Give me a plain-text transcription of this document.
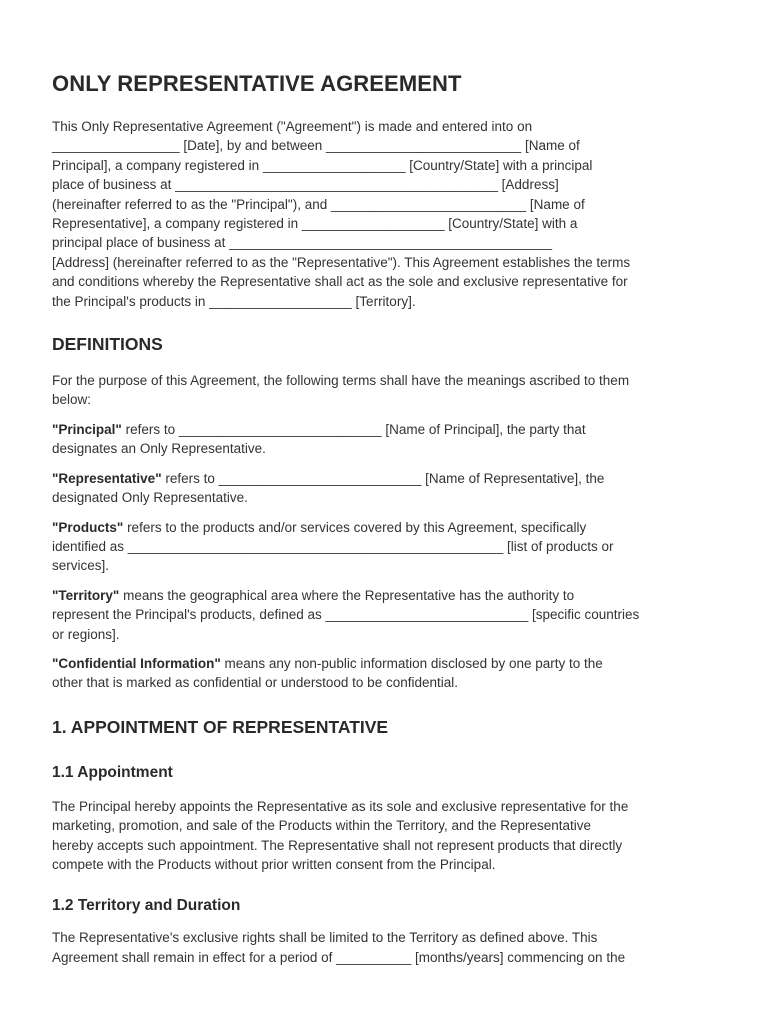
ONLY REPRESENTATIVE AGREEMENT

This Only Representative Agreement ("Agreement") is made and entered into on
_________________ [Date], by and between __________________________ [Name of
Principal], a company registered in ___________________ [Country/State] with a principal
place of business at ___________________________________________ [Address]
(hereinafter referred to as the "Principal"), and __________________________ [Name of
Representative], a company registered in ___________________ [Country/State] with a
principal place of business at ___________________________________________
[Address] (hereinafter referred to as the "Representative"). This Agreement establishes the terms
and conditions whereby the Representative shall act as the sole and exclusive representative for
the Principal's products in ___________________ [Territory].

DEFINITIONS

For the purpose of this Agreement, the following terms shall have the meanings ascribed to them
below:

"Principal" refers to ___________________________ [Name of Principal], the party that
designates an Only Representative.

"Representative" refers to ___________________________ [Name of Representative], the
designated Only Representative.

"Products" refers to the products and/or services covered by this Agreement, specifically
identified as __________________________________________________ [list of products or
services].

"Territory" means the geographical area where the Representative has the authority to
represent the Principal's products, defined as ___________________________ [specific countries
or regions].

"Confidential Information" means any non-public information disclosed by one party to the
other that is marked as confidential or understood to be confidential.

1. APPOINTMENT OF REPRESENTATIVE
1.1 Appointment

The Principal hereby appoints the Representative as its sole and exclusive representative for the
marketing, promotion, and sale of the Products within the Territory, and the Representative
hereby accepts such appointment. The Representative shall not represent products that directly
compete with the Products without prior written consent from the Principal.

1.2 Territory and Duration

The Representative's exclusive rights shall be limited to the Territory as defined above. This
Agreement shall remain in effect for a period of __________ [months/years] commencing on the
